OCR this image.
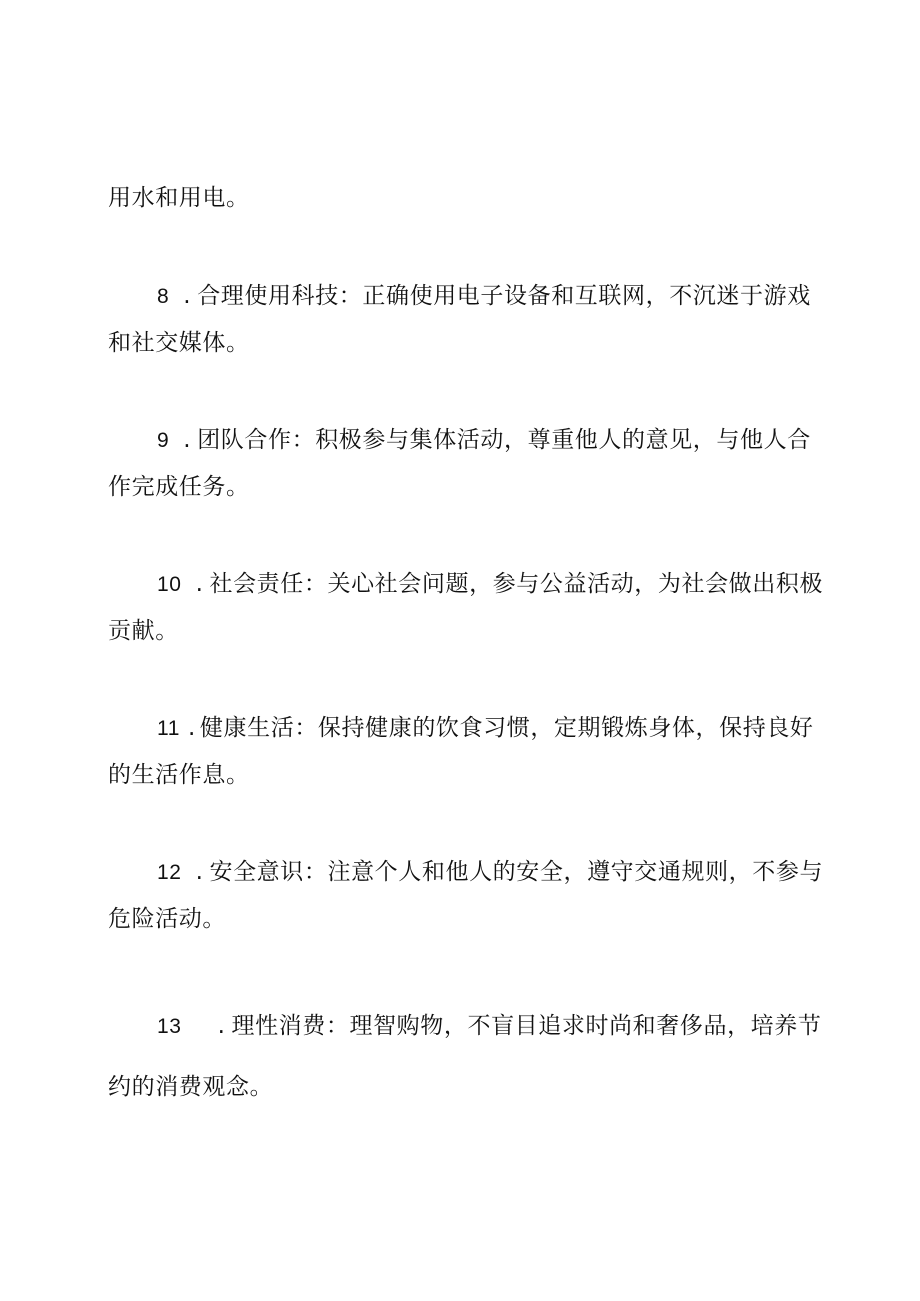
用水和用电。
8 . 合理使用科技：正确使用电子设备和互联网，不沉迷于游戏
和社交媒体。
9 . 团队合作：积极参与集体活动，尊重他人的意见，与他人合
作完成任务。
10 . 社会责任：关心社会问题，参与公益活动，为社会做出积极
贡献。
11 . 健康生活：保持健康的饮食习惯，定期锻炼身体，保持良好
的生活作息。
12 . 安全意识：注意个人和他人的安全，遵守交通规则，不参与
危险活动。
13 . 理性消费：理智购物，不盲目追求时尚和奢侈品，培养节
约的消费观念。
